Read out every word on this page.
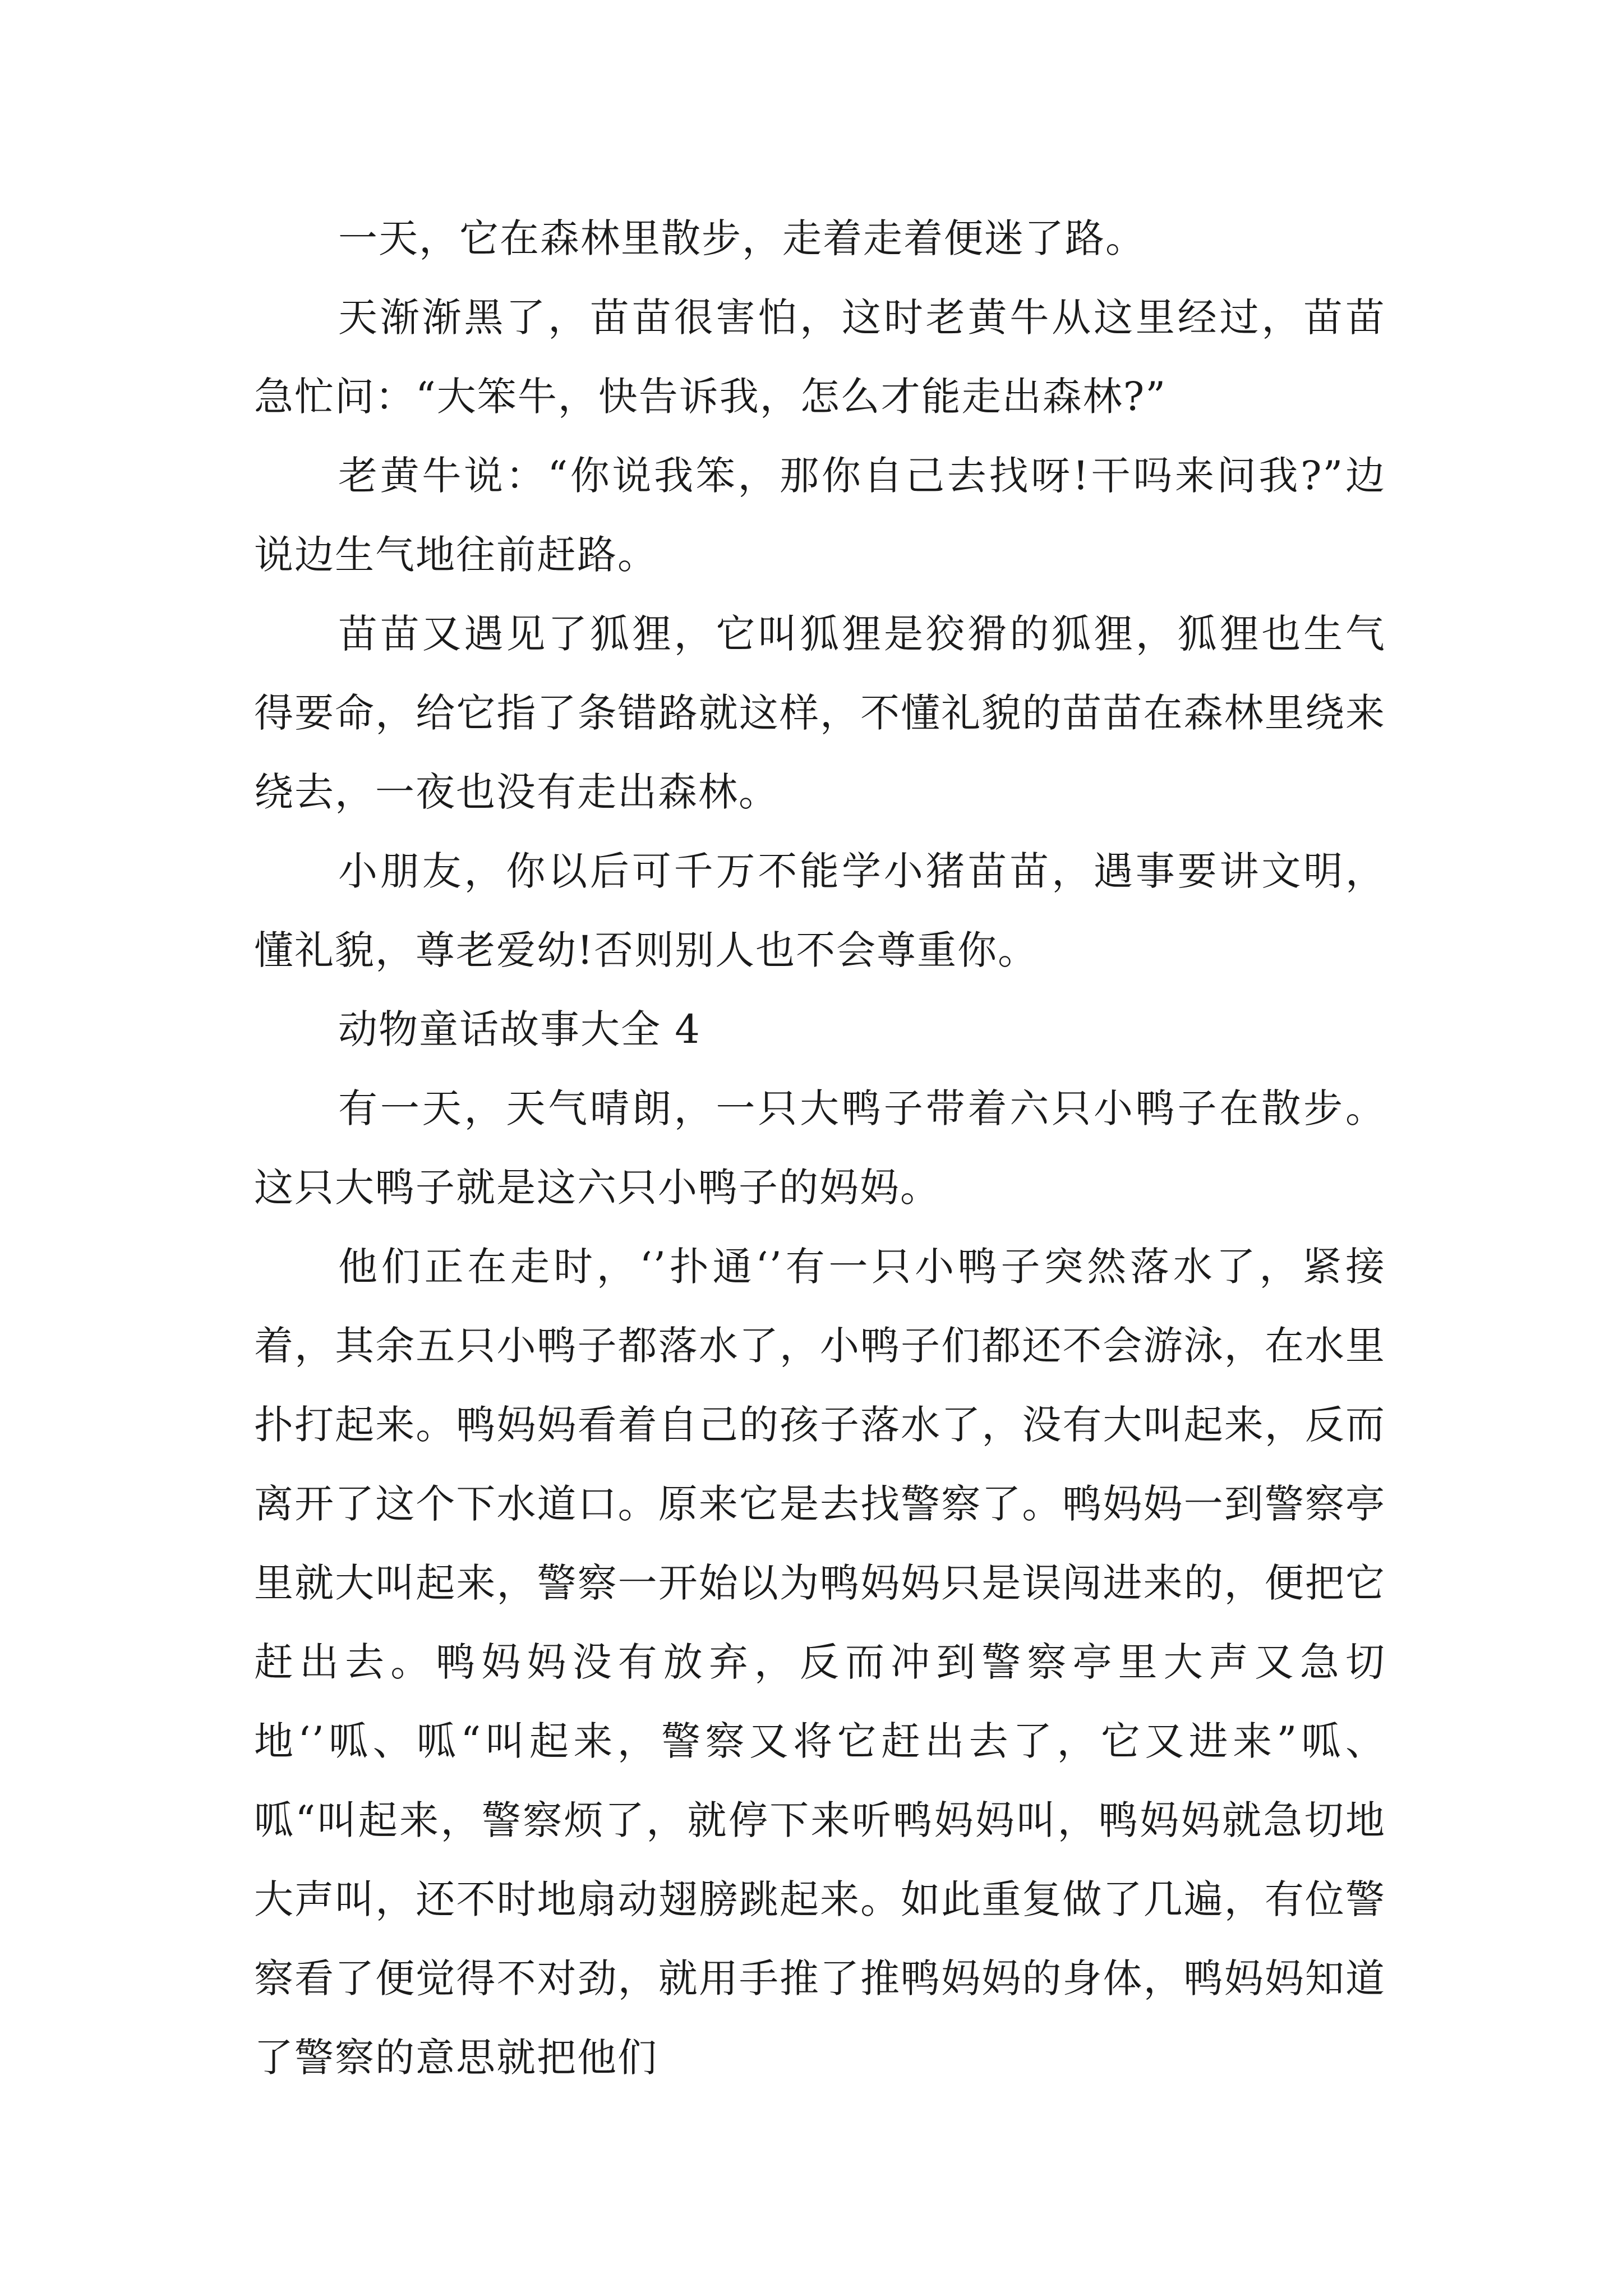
一天，它在森林里散步，走着走着便迷了路。

天渐渐黑了，苗苗很害怕，这时老黄牛从这里经过，苗苗急忙问：“大笨牛，快告诉我，怎么才能走出森林?”

老黄牛说：“你说我笨，那你自己去找呀!干吗来问我?”边说边生气地往前赶路。

苗苗又遇见了狐狸，它叫狐狸是狡猾的狐狸，狐狸也生气得要命，给它指了条错路就这样，不懂礼貌的苗苗在森林里绕来绕去，一夜也没有走出森林。

小朋友，你以后可千万不能学小猪苗苗，遇事要讲文明，懂礼貌，尊老爱幼!否则别人也不会尊重你。

动物童话故事大全 4

有一天，天气晴朗，一只大鸭子带着六只小鸭子在散步。这只大鸭子就是这六只小鸭子的妈妈。

他们正在走时，‘’扑通‘’有一只小鸭子突然落水了，紧接着，其余五只小鸭子都落水了，小鸭子们都还不会游泳，在水里扑打起来。鸭妈妈看着自己的孩子落水了，没有大叫起来，反而离开了这个下水道口。原来它是去找警察了。鸭妈妈一到警察亭里就大叫起来，警察一开始以为鸭妈妈只是误闯进来的，便把它赶出去。鸭妈妈没有放弃，反而冲到警察亭里大声又急切地‘’呱、呱“叫起来，警察又将它赶出去了，它又进来”呱、呱“叫起来，警察烦了，就停下来听鸭妈妈叫，鸭妈妈就急切地大声叫，还不时地扇动翅膀跳起来。如此重复做了几遍，有位警察看了便觉得不对劲，就用手推了推鸭妈妈的身体，鸭妈妈知道了警察的意思就把他们
